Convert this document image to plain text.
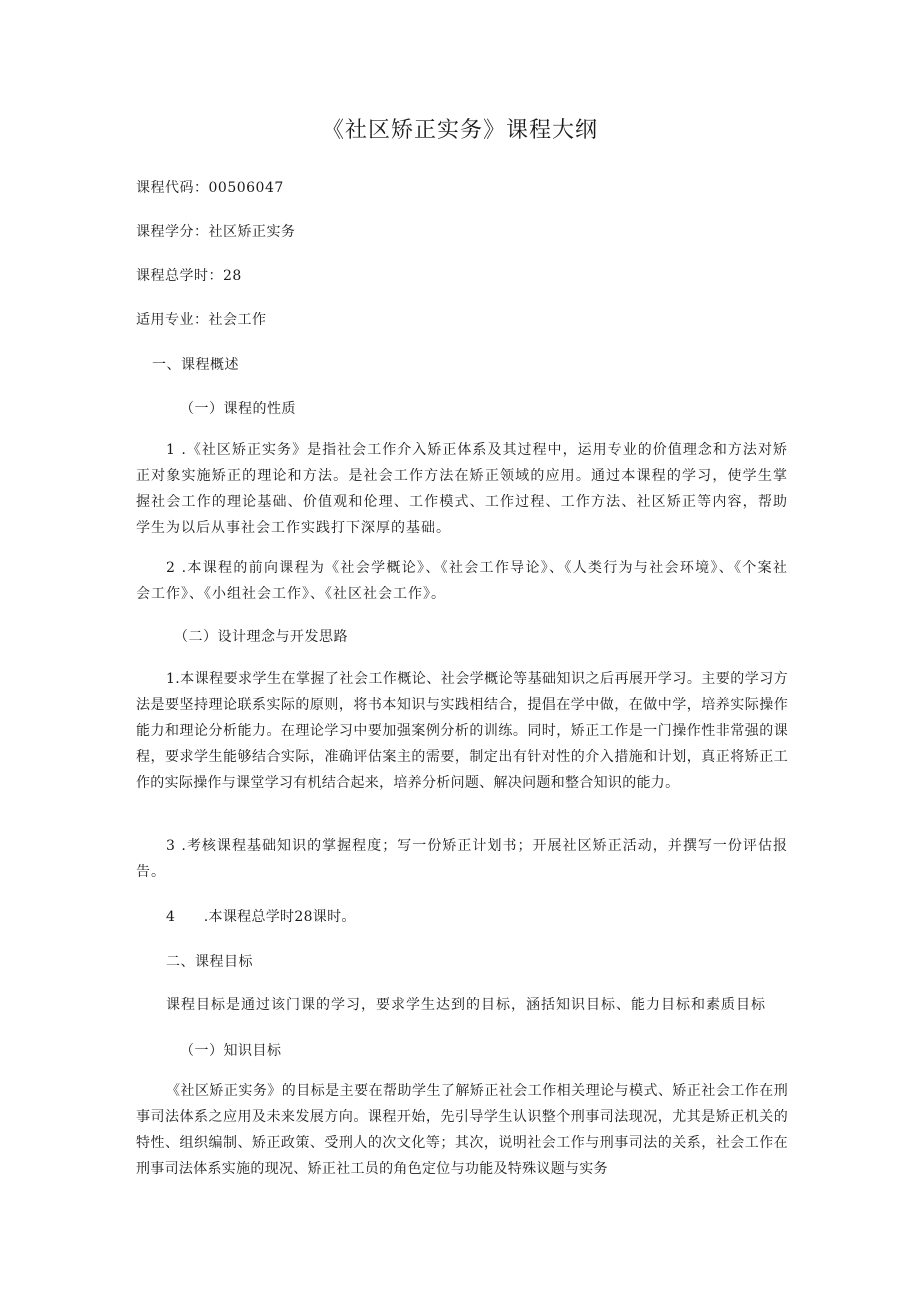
《社区矫正实务》课程大纲

课程代码：00506047

课程学分：社区矫正实务

课程总学时：28

适用专业：社会工作

一、课程概述
（一）课程的性质

1 .《社区矫正实务》是指社会工作介入矫正体系及其过程中，运用专业的价值理念和方法对矫正对象实施矫正的理论和方法。是社会工作方法在矫正领域的应用。通过本课程的学习，使学生掌握社会工作的理论基础、价值观和伦理、工作模式、工作过程、工作方法、社区矫正等内容，帮助学生为以后从事社会工作实践打下深厚的基础。

2 .本课程的前向课程为《社会学概论》、《社会工作导论》、《人类行为与社会环境》、《个案社会工作》、《小组社会工作》、《社区社会工作》。

（二）设计理念与开发思路

1.本课程要求学生在掌握了社会工作概论、社会学概论等基础知识之后再展开学习。主要的学习方法是要坚持理论联系实际的原则，将书本知识与实践相结合，提倡在学中做，在做中学，培养实际操作能力和理论分析能力。在理论学习中要加强案例分析的训练。同时，矫正工作是一门操作性非常强的课程，要求学生能够结合实际，准确评估案主的需要，制定出有针对性的介入措施和计划，真正将矫正工作的实际操作与课堂学习有机结合起来，培养分析问题、解决问题和整合知识的能力。

3 .考核课程基础知识的掌握程度；写一份矫正计划书；开展社区矫正活动，并撰写一份评估报告。

4　　.本课程总学时28课时。

二、课程目标

课程目标是通过该门课的学习，要求学生达到的目标，涵括知识目标、能力目标和素质目标

（一）知识目标

《社区矫正实务》的目标是主要在帮助学生了解矫正社会工作相关理论与模式、矫正社会工作在刑事司法体系之应用及未来发展方向。课程开始，先引导学生认识整个刑事司法现况，尤其是矫正机关的特性、组织编制、矫正政策、受刑人的次文化等；其次，说明社会工作与刑事司法的关系，社会工作在刑事司法体系实施的现况、矫正社工员的角色定位与功能及特殊议题与实务
